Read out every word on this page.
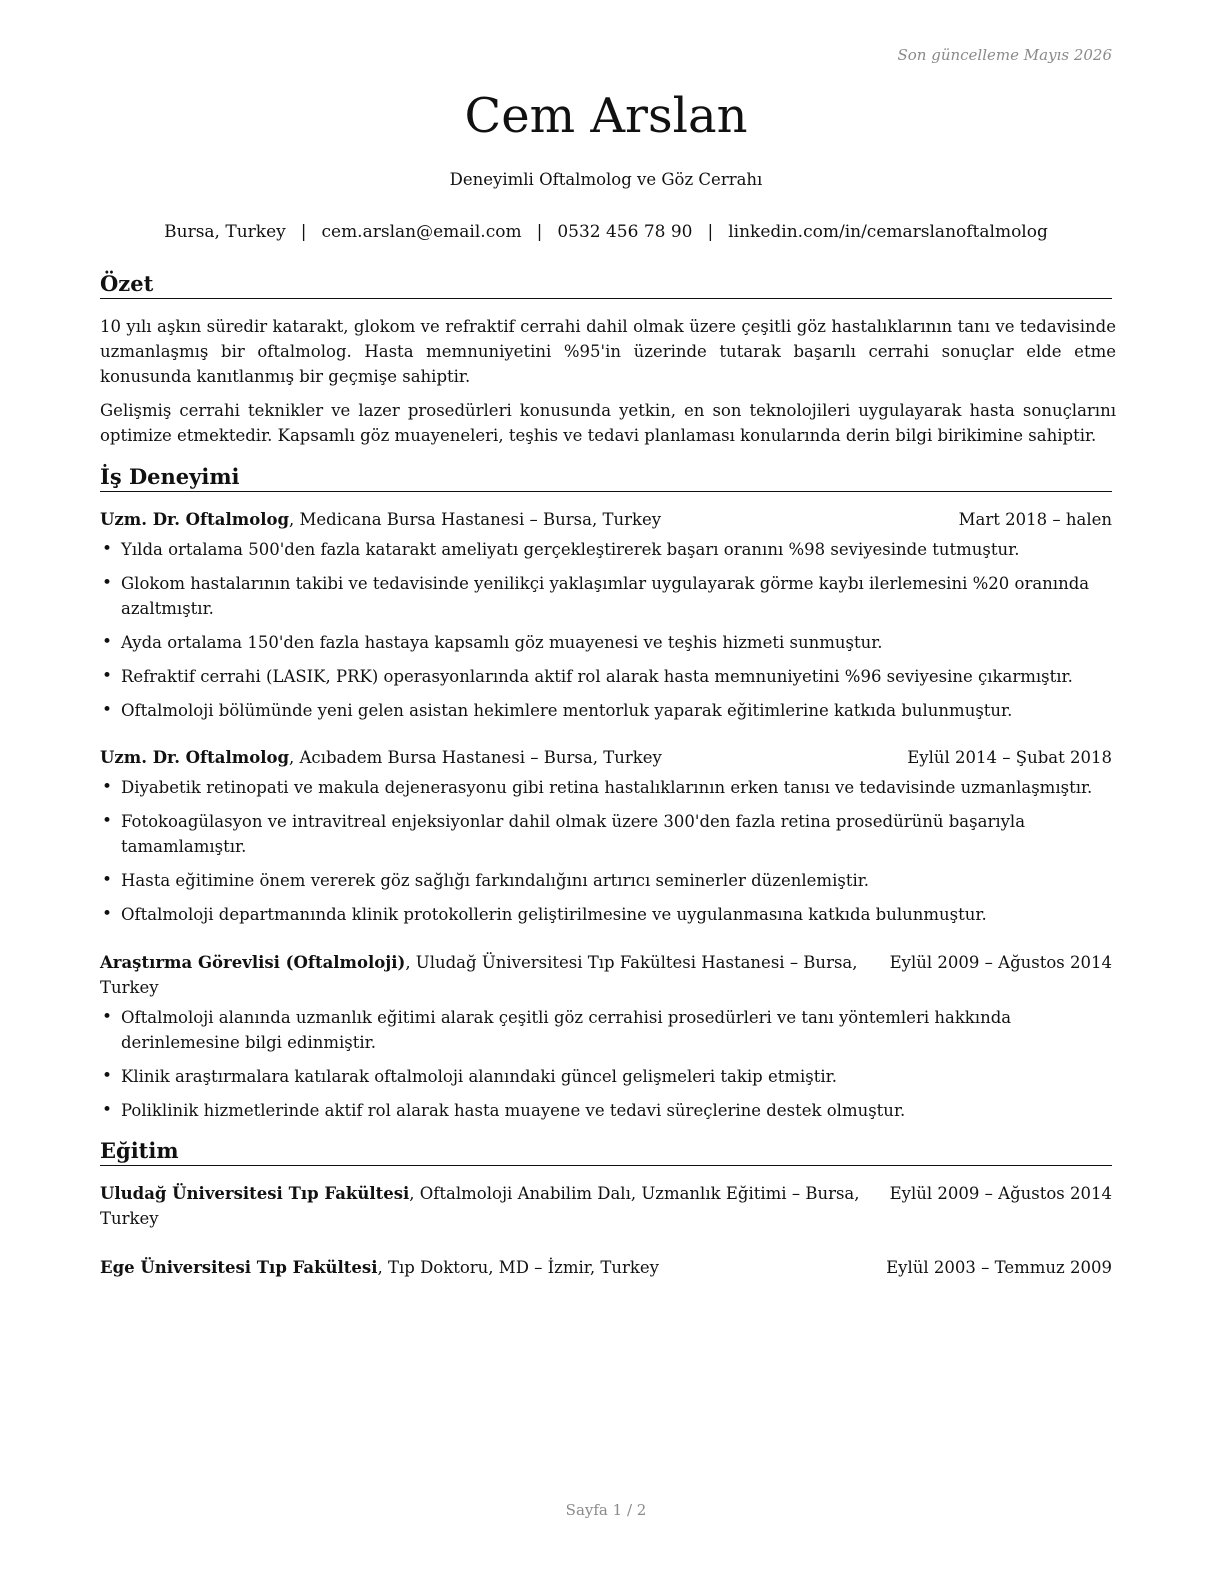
Son güncelleme Mayıs 2026
Cem Arslan
Deneyimli Oftalmolog ve Göz Cerrahı
Bursa, Turkey | cem.arslan@email.com | 0532 456 78 90 | linkedin.com/in/cemarslanoftalmolog
Özet
10 yılı aşkın süredir katarakt, glokom ve refraktif cerrahi dahil olmak üzere çeşitli göz hastalıklarının tanı ve tedavisinde uzmanlaşmış bir oftalmolog. Hasta memnuniyetini %95'in üzerinde tutarak başarılı cerrahi sonuçlar elde etme konusunda kanıtlanmış bir geçmişe sahiptir.
Gelişmiş cerrahi teknikler ve lazer prosedürleri konusunda yetkin, en son teknolojileri uygulayarak hasta sonuçlarını optimize etmektedir. Kapsamlı göz muayeneleri, teşhis ve tedavi planlaması konularında derin bilgi birikimine sahiptir.
İş Deneyimi
Uzm. Dr. Oftalmolog, Medicana Bursa Hastanesi – Bursa, Turkey	Mart 2018 – halen
• Yılda ortalama 500'den fazla katarakt ameliyatı gerçekleştirerek başarı oranını %98 seviyesinde tutmuştur.
• Glokom hastalarının takibi ve tedavisinde yenilikçi yaklaşımlar uygulayarak görme kaybı ilerlemesini %20 oranında azaltmıştır.
• Ayda ortalama 150'den fazla hastaya kapsamlı göz muayenesi ve teşhis hizmeti sunmuştur.
• Refraktif cerrahi (LASIK, PRK) operasyonlarında aktif rol alarak hasta memnuniyetini %96 seviyesine çıkarmıştır.
• Oftalmoloji bölümünde yeni gelen asistan hekimlere mentorluk yaparak eğitimlerine katkıda bulunmuştur.
Uzm. Dr. Oftalmolog, Acıbadem Bursa Hastanesi – Bursa, Turkey	Eylül 2014 – Şubat 2018
• Diyabetik retinopati ve makula dejenerasyonu gibi retina hastalıklarının erken tanısı ve tedavisinde uzmanlaşmıştır.
• Fotokoagülasyon ve intravitreal enjeksiyonlar dahil olmak üzere 300'den fazla retina prosedürünü başarıyla tamamlamıştır.
• Hasta eğitimine önem vererek göz sağlığı farkındalığını artırıcı seminerler düzenlemiştir.
• Oftalmoloji departmanında klinik protokollerin geliştirilmesine ve uygulanmasına katkıda bulunmuştur.
Araştırma Görevlisi (Oftalmoloji), Uludağ Üniversitesi Tıp Fakültesi Hastanesi – Bursa, Turkey
Eylül 2009 – Ağustos 2014
• Oftalmoloji alanında uzmanlık eğitimi alarak çeşitli göz cerrahisi prosedürleri ve tanı yöntemleri hakkında derinlemesine bilgi edinmiştir.
• Klinik araştırmalara katılarak oftalmoloji alanındaki güncel gelişmeleri takip etmiştir.
• Poliklinik hizmetlerinde aktif rol alarak hasta muayene ve tedavi süreçlerine destek olmuştur.
Eğitim
Uludağ Üniversitesi Tıp Fakültesi, Oftalmoloji Anabilim Dalı, Uzmanlık Eğitimi – Bursa, Turkey
Eylül 2009 – Ağustos 2014
Ege Üniversitesi Tıp Fakültesi, Tıp Doktoru, MD – İzmir, Turkey	Eylül 2003 – Temmuz 2009
Sayfa 1 / 2
